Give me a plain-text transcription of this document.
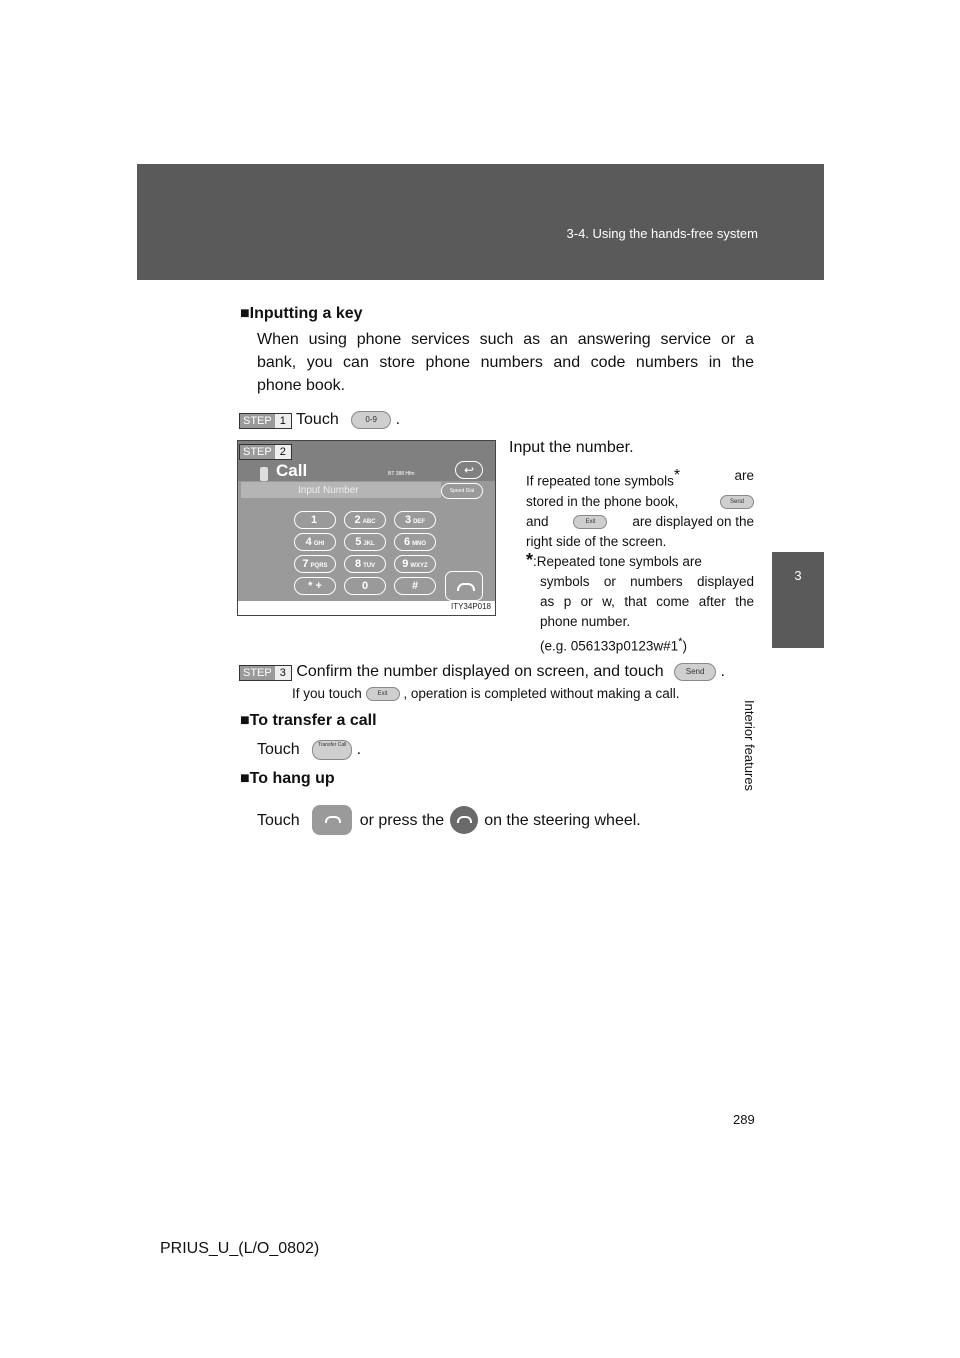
3-4. Using the hands-free system
3
Interior features
■Inputting a key
When using phone services such as an answering service or a
bank, you can store phone numbers and code numbers in the
phone book.
STEP 1 Touch	0-9 .
STEP 2
Call	BT 388 Hfm	↩
Input Number	Speed Dial
1	2 ABC	3 DEF
4 GHI	5 JKL	6 MNO
7 PQRS	8 TUV	9 WXYZ
* +	0	#
ITY34P018
Input the number.
If repeated tone symbols*	are
stored in the phone book,	Send
and	Exit	are displayed on the
right side of the screen.
*:Repeated tone symbols are
symbols or numbers displayed
as p or w, that come after the
phone number.
(e.g. 056133p0123w#1*)
STEP 3 Confirm the number displayed on screen, and touch	Send .
If you touch	Exit , operation is completed without making a call.
■To transfer a call
Touch	Transfer Call .
■To hang up
Touch	or press the	on the steering wheel.
289
PRIUS_U_(L/O_0802)
